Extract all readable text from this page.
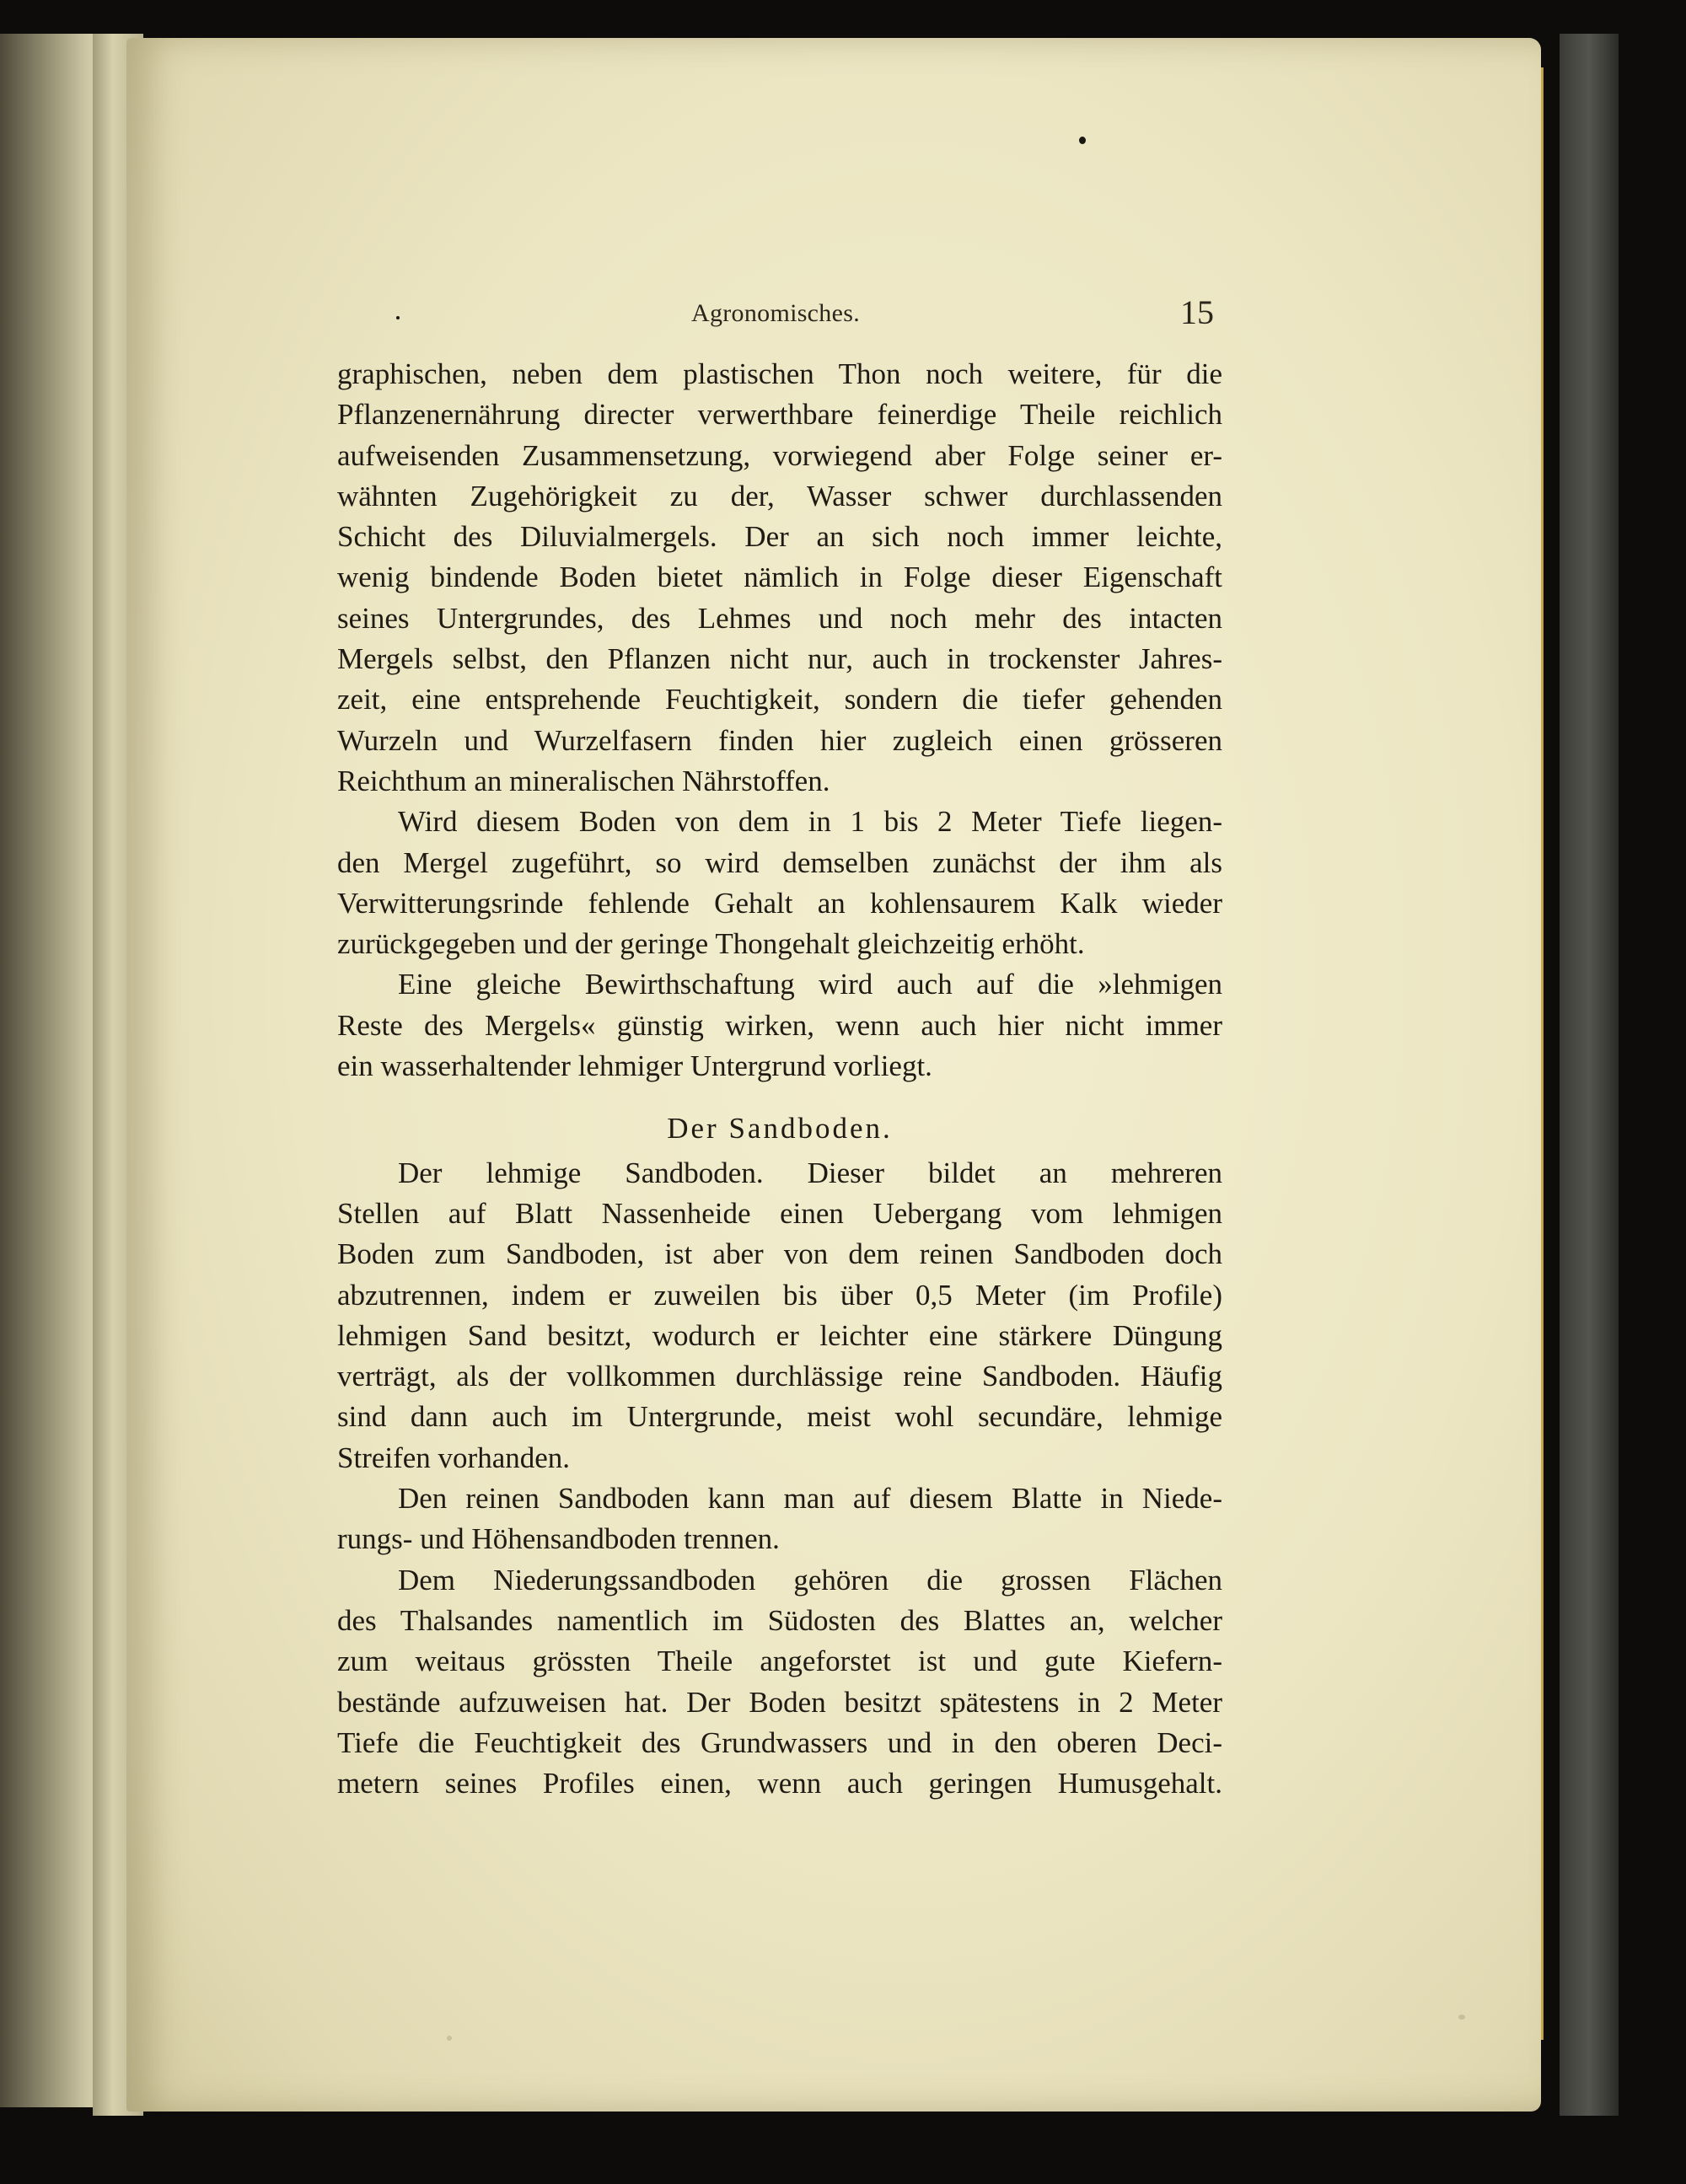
Agronomisches.	15
graphischen, neben dem plastischen Thon noch weitere, für die
Pflanzenernährung directer verwerthbare feinerdige Theile reichlich
aufweisenden Zusammensetzung, vorwiegend aber Folge seiner er-
wähnten Zugehörigkeit zu der, Wasser schwer durchlassenden
Schicht des Diluvialmergels. Der an sich noch immer leichte,
wenig bindende Boden bietet nämlich in Folge dieser Eigenschaft
seines Untergrundes, des Lehmes und noch mehr des intacten
Mergels selbst, den Pflanzen nicht nur, auch in trockenster Jahres-
zeit, eine entsprehende Feuchtigkeit, sondern die tiefer gehenden
Wurzeln und Wurzelfasern finden hier zugleich einen grösseren
Reichthum an mineralischen Nährstoffen.
Wird diesem Boden von dem in 1 bis 2 Meter Tiefe liegen-
den Mergel zugeführt, so wird demselben zunächst der ihm als
Verwitterungsrinde fehlende Gehalt an kohlensaurem Kalk wieder
zurückgegeben und der geringe Thongehalt gleichzeitig erhöht.
Eine gleiche Bewirthschaftung wird auch auf die »lehmigen
Reste des Mergels« günstig wirken, wenn auch hier nicht immer
ein wasserhaltender lehmiger Untergrund vorliegt.
Der Sandboden.
Der lehmige Sandboden. Dieser bildet an mehreren
Stellen auf Blatt Nassenheide einen Uebergang vom lehmigen
Boden zum Sandboden, ist aber von dem reinen Sandboden doch
abzutrennen, indem er zuweilen bis über 0,5 Meter (im Profile)
lehmigen Sand besitzt, wodurch er leichter eine stärkere Düngung
verträgt, als der vollkommen durchlässige reine Sandboden. Häufig
sind dann auch im Untergrunde, meist wohl secundäre, lehmige
Streifen vorhanden.
Den reinen Sandboden kann man auf diesem Blatte in Niede-
rungs- und Höhensandboden trennen.
Dem Niederungssandboden gehören die grossen Flächen
des Thalsandes namentlich im Südosten des Blattes an, welcher
zum weitaus grössten Theile angeforstet ist und gute Kiefern-
bestände aufzuweisen hat. Der Boden besitzt spätestens in 2 Meter
Tiefe die Feuchtigkeit des Grundwassers und in den oberen Deci-
metern seines Profiles einen, wenn auch geringen Humusgehalt.
